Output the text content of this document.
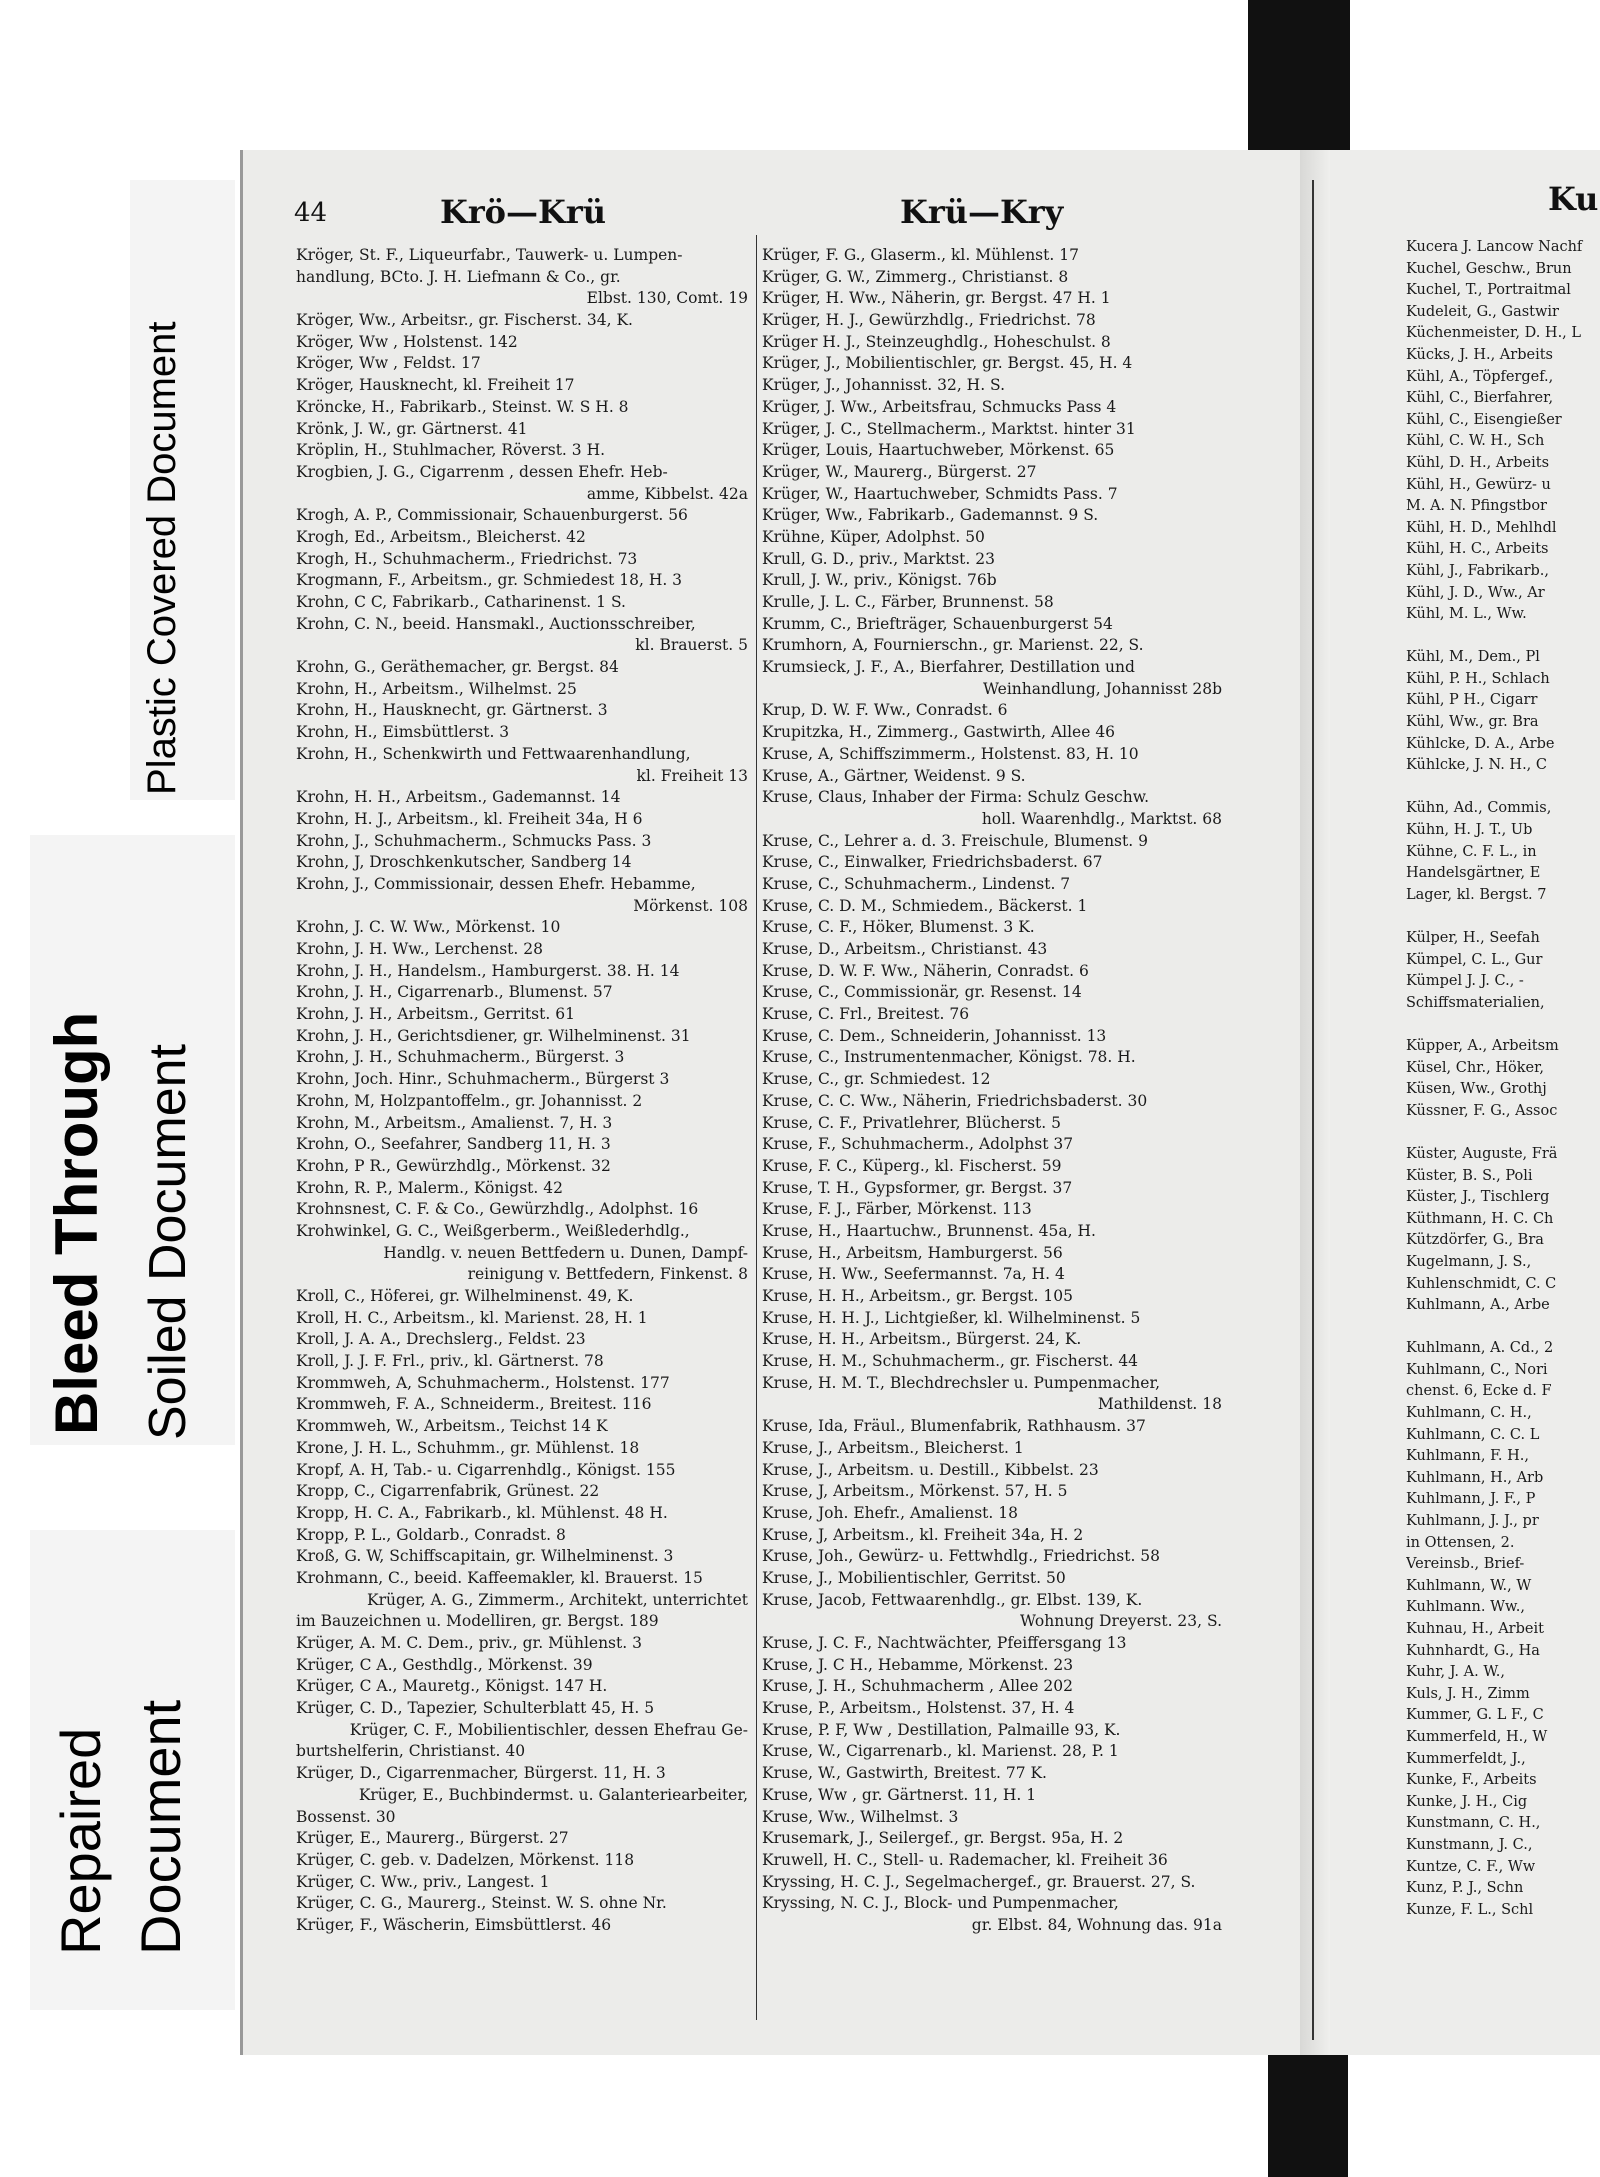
Plastic Covered Document
Bleed Through Soiled Document
Repaired Document
44	Krö—Krü	Krü—Kry	Ku
Kröger, St. F., Liqueurfabr., Tauwerk- u. Lumpen-
handlung, BCto. J. H. Liefmann & Co., gr.
Elbst. 130, Comt. 19
Kröger, Ww., Arbeitsr., gr. Fischerst. 34, K.
Kröger, Ww , Holstenst. 142
Kröger, Ww , Feldst. 17
Kröger, Hausknecht, kl. Freiheit 17
Kröncke, H., Fabrikarb., Steinst. W. S H. 8
Krönk, J. W., gr. Gärtnerst. 41
Kröplin, H., Stuhlmacher, Röverst. 3 H.
Krogbien, J. G., Cigarrenm , dessen Ehefr. Heb-
amme, Kibbelst. 42a
Krogh, A. P., Commissionair, Schauenburgerst. 56
Krogh, Ed., Arbeitsm., Bleicherst. 42
Krogh, H., Schuhmacherm., Friedrichst. 73
Krogmann, F., Arbeitsm., gr. Schmiedest 18, H. 3
Krohn, C C, Fabrikarb., Catharinenst. 1 S.
Krohn, C. N., beeid. Hansmakl., Auctionsschreiber,
kl. Brauerst. 5
Krohn, G., Geräthemacher, gr. Bergst. 84
Krohn, H., Arbeitsm., Wilhelmst. 25
Krohn, H., Hausknecht, gr. Gärtnerst. 3
Krohn, H., Eimsbüttlerst. 3
Krohn, H., Schenkwirth und Fettwaarenhandlung,
kl. Freiheit 13
Krohn, H. H., Arbeitsm., Gademannst. 14
Krohn, H. J., Arbeitsm., kl. Freiheit 34a, H 6
Krohn, J., Schuhmacherm., Schmucks Pass. 3
Krohn, J, Droschkenkutscher, Sandberg 14
Krohn, J., Commissionair, dessen Ehefr. Hebamme,
Mörkenst. 108
Krohn, J. C. W. Ww., Mörkenst. 10
Krohn, J. H. Ww., Lerchenst. 28
Krohn, J. H., Handelsm., Hamburgerst. 38. H. 14
Krohn, J. H., Cigarrenarb., Blumenst. 57
Krohn, J. H., Arbeitsm., Gerritst. 61
Krohn, J. H., Gerichtsdiener, gr. Wilhelminenst. 31
Krohn, J. H., Schuhmacherm., Bürgerst. 3
Krohn, Joch. Hinr., Schuhmacherm., Bürgerst 3
Krohn, M, Holzpantoffelm., gr. Johannisst. 2
Krohn, M., Arbeitsm., Amalienst. 7, H. 3
Krohn, O., Seefahrer, Sandberg 11, H. 3
Krohn, P R., Gewürzhdlg., Mörkenst. 32
Krohn, R. P., Malerm., Königst. 42
Krohnsnest, C. F. & Co., Gewürzhdlg., Adolphst. 16
Krohwinkel, G. C., Weißgerberm., Weißlederhdlg.,
Handlg. v. neuen Bettfedern u. Dunen, Dampf-
reinigung v. Bettfedern, Finkenst. 8
Kroll, C., Höferei, gr. Wilhelminenst. 49, K.
Kroll, H. C., Arbeitsm., kl. Marienst. 28, H. 1
Kroll, J. A. A., Drechslerg., Feldst. 23
Kroll, J. J. F. Frl., priv., kl. Gärtnerst. 78
Krommweh, A, Schuhmacherm., Holstenst. 177
Krommweh, F. A., Schneiderm., Breitest. 116
Krommweh, W., Arbeitsm., Teichst 14 K
Krone, J. H. L., Schuhmm., gr. Mühlenst. 18
Kropf, A. H, Tab.- u. Cigarrenhdlg., Königst. 155
Kropp, C., Cigarrenfabrik, Grünest. 22
Kropp, H. C. A., Fabrikarb., kl. Mühlenst. 48 H.
Kropp, P. L., Goldarb., Conradst. 8
Kroß, G. W, Schiffscapitain, gr. Wilhelminenst. 3
Krohmann, C., beeid. Kaffeemakler, kl. Brauerst. 15
Krüger, A. G., Zimmerm., Architekt, unterrichtet
im Bauzeichnen u. Modelliren, gr. Bergst. 189
Krüger, A. M. C. Dem., priv., gr. Mühlenst. 3
Krüger, C A., Gesthdlg., Mörkenst. 39
Krüger, C A., Mauretg., Königst. 147 H.
Krüger, C. D., Tapezier, Schulterblatt 45, H. 5
Krüger, C. F., Mobilientischler, dessen Ehefrau Ge-
burtshelferin, Christianst. 40
Krüger, D., Cigarrenmacher, Bürgerst. 11, H. 3
Krüger, E., Buchbindermst. u. Galanteriearbeiter,
Bossenst. 30
Krüger, E., Maurerg., Bürgerst. 27
Krüger, C. geb. v. Dadelzen, Mörkenst. 118
Krüger, C. Ww., priv., Langest. 1
Krüger, C. G., Maurerg., Steinst. W. S. ohne Nr.
Krüger, F., Wäscherin, Eimsbüttlerst. 46
Krüger, F. G., Glaserm., kl. Mühlenst. 17
Krüger, G. W., Zimmerg., Christianst. 8
Krüger, H. Ww., Näherin, gr. Bergst. 47 H. 1
Krüger, H. J., Gewürzhdlg., Friedrichst. 78
Krüger H. J., Steinzeughdlg., Hoheschulst. 8
Krüger, J., Mobilientischler, gr. Bergst. 45, H. 4
Krüger, J., Johannisst. 32, H. S.
Krüger, J. Ww., Arbeitsfrau, Schmucks Pass 4
Krüger, J. C., Stellmacherm., Marktst. hinter 31
Krüger, Louis, Haartuchweber, Mörkenst. 65
Krüger, W., Maurerg., Bürgerst. 27
Krüger, W., Haartuchweber, Schmidts Pass. 7
Krüger, Ww., Fabrikarb., Gademannst. 9 S.
Krühne, Küper, Adolphst. 50
Krull, G. D., priv., Marktst. 23
Krull, J. W., priv., Königst. 76b
Krulle, J. L. C., Färber, Brunnenst. 58
Krumm, C., Briefträger, Schauenburgerst 54
Krumhorn, A, Fournierschn., gr. Marienst. 22, S.
Krumsieck, J. F., A., Bierfahrer, Destillation und
Weinhandlung, Johannisst 28b
Krup, D. W. F. Ww., Conradst. 6
Krupitzka, H., Zimmerg., Gastwirth, Allee 46
Kruse, A, Schiffszimmerm., Holstenst. 83, H. 10
Kruse, A., Gärtner, Weidenst. 9 S.
Kruse, Claus, Inhaber der Firma: Schulz Geschw.
holl. Waarenhdlg., Marktst. 68
Kruse, C., Lehrer a. d. 3. Freischule, Blumenst. 9
Kruse, C., Einwalker, Friedrichsbaderst. 67
Kruse, C., Schuhmacherm., Lindenst. 7
Kruse, C. D. M., Schmiedem., Bäckerst. 1
Kruse, C. F., Höker, Blumenst. 3 K.
Kruse, D., Arbeitsm., Christianst. 43
Kruse, D. W. F. Ww., Näherin, Conradst. 6
Kruse, C., Commissionär, gr. Resenst. 14
Kruse, C. Frl., Breitest. 76
Kruse, C. Dem., Schneiderin, Johannisst. 13
Kruse, C., Instrumentenmacher, Königst. 78. H.
Kruse, C., gr. Schmiedest. 12
Kruse, C. C. Ww., Näherin, Friedrichsbaderst. 30
Kruse, C. F., Privatlehrer, Blücherst. 5
Kruse, F., Schuhmacherm., Adolphst 37
Kruse, F. C., Küperg., kl. Fischerst. 59
Kruse, T. H., Gypsformer, gr. Bergst. 37
Kruse, F. J., Färber, Mörkenst. 113
Kruse, H., Haartuchw., Brunnenst. 45a, H.
Kruse, H., Arbeitsm, Hamburgerst. 56
Kruse, H. Ww., Seefermannst. 7a, H. 4
Kruse, H. H., Arbeitsm., gr. Bergst. 105
Kruse, H. H. J., Lichtgießer, kl. Wilhelminenst. 5
Kruse, H. H., Arbeitsm., Bürgerst. 24, K.
Kruse, H. M., Schuhmacherm., gr. Fischerst. 44
Kruse, H. M. T., Blechdrechsler u. Pumpenmacher,
Mathildenst. 18
Kruse, Ida, Fräul., Blumenfabrik, Rathhausm. 37
Kruse, J., Arbeitsm., Bleicherst. 1
Kruse, J., Arbeitsm. u. Destill., Kibbelst. 23
Kruse, J, Arbeitsm., Mörkenst. 57, H. 5
Kruse, Joh. Ehefr., Amalienst. 18
Kruse, J, Arbeitsm., kl. Freiheit 34a, H. 2
Kruse, Joh., Gewürz- u. Fettwhdlg., Friedrichst. 58
Kruse, J., Mobilientischler, Gerritst. 50
Kruse, Jacob, Fettwaarenhdlg., gr. Elbst. 139, K.
Wohnung Dreyerst. 23, S.
Kruse, J. C. F., Nachtwächter, Pfeiffersgang 13
Kruse, J. C H., Hebamme, Mörkenst. 23
Kruse, J. H., Schuhmacherm , Allee 202
Kruse, P., Arbeitsm., Holstenst. 37, H. 4
Kruse, P. F, Ww , Destillation, Palmaille 93, K.
Kruse, W., Cigarrenarb., kl. Marienst. 28, P. 1
Kruse, W., Gastwirth, Breitest. 77 K.
Kruse, Ww , gr. Gärtnerst. 11, H. 1
Kruse, Ww., Wilhelmst. 3
Krusemark, J., Seilergef., gr. Bergst. 95a, H. 2
Kruwell, H. C., Stell- u. Rademacher, kl. Freiheit 36
Kryssing, H. C. J., Segelmachergef., gr. Brauerst. 27, S.
Kryssing, N. C. J., Block- und Pumpenmacher,
gr. Elbst. 84, Wohnung das. 91a
Kucera J. Lancow Nachf
Kuchel, Geschw., Brun
Kuchel, T., Portraitmal
Kudeleit, G., Gastwir
Küchenmeister, D. H., L
Kücks, J. H., Arbeits
Kühl, A., Töpfergef.,
Kühl, C., Bierfahrer,
Kühl, C., Eisengießer
Kühl, C. W. H., Sch
Kühl, D. H., Arbeits
Kühl, H., Gewürz- u
M. A. N. Pfingstbor
Kühl, H. D., Mehlhdl
Kühl, H. C., Arbeits
Kühl, J., Fabrikarb.,
Kühl, J. D., Ww., Ar
Kühl, M. L., Ww.
Kühl, M., Dem., Pl
Kühl, P. H., Schlach
Kühl, P H., Cigarr
Kühl, Ww., gr. Bra
Kühlcke, D. A., Arbe
Kühlcke, J. N. H., C
Kühn, Ad., Commis,
Kühn, H. J. T., Ub
Kühne, C. F. L., in
Handelsgärtner, E
Lager, kl. Bergst. 7
Külper, H., Seefah
Kümpel, C. L., Gur
Kümpel J. J. C., -
Schiffsmaterialien,
Küpper, A., Arbeitsm
Küsel, Chr., Höker,
Küsen, Ww., Grothj
Küssner, F. G., Assoc
Küster, Auguste, Frä
Küster, B. S., Poli
Küster, J., Tischlerg
Küthmann, H. C. Ch
Kützdörfer, G., Bra
Kugelmann, J. S.,
Kuhlenschmidt, C. C
Kuhlmann, A., Arbe
Kuhlmann, A. Cd., 2
Kuhlmann, C., Nori
chenst. 6, Ecke d. F
Kuhlmann, C. H.,
Kuhlmann, C. C. L
Kuhlmann, F. H.,
Kuhlmann, H., Arb
Kuhlmann, J. F., P
Kuhlmann, J. J., pr
in Ottensen, 2.
Vereinsb., Brief-
Kuhlmann, W., W
Kuhlmann. Ww.,
Kuhnau, H., Arbeit
Kuhnhardt, G., Ha
Kuhr, J. A. W.,
Kuls, J. H., Zimm
Kummer, G. L F., C
Kummerfeld, H., W
Kummerfeldt, J.,
Kunke, F., Arbeits
Kunke, J. H., Cig
Kunstmann, C. H.,
Kunstmann, J. C.,
Kuntze, C. F., Ww
Kunz, P. J., Schn
Kunze, F. L., Schl
